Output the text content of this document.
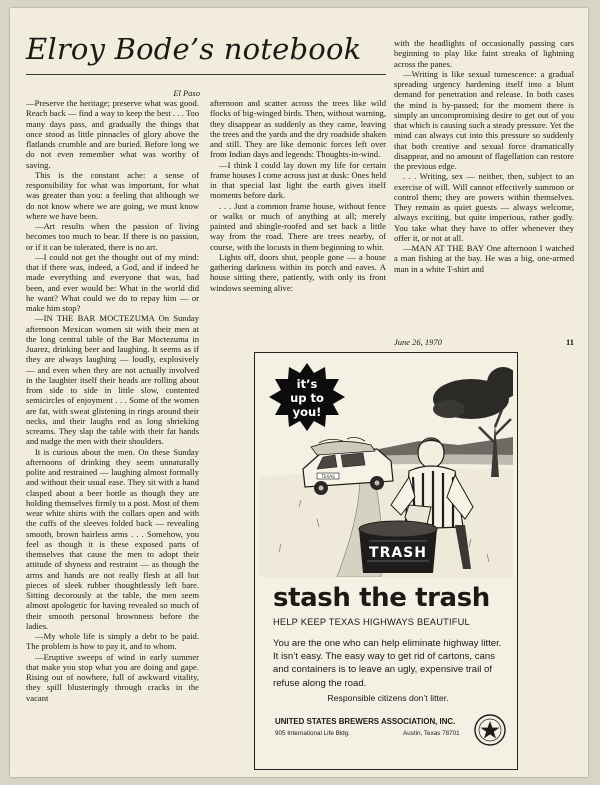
Elroy Bode’s notebook
El Paso

—Preserve the heritage; preserve what was good. Reach back — find a way to keep the best . . . Too many days pass, and gradually the things that once stood as little pinnacles of glory above the flatlands crumble and are buried. Before long we do not even remember what was worthy of saving.

This is the constant ache: a sense of responsibility for what was important, for what was greater than you: a feeling that although we do not know where we are going, we must know where we have been.

—Art results when the passion of living becomes too much to bear. If there is no passion, or if it can be tolerated, there is no art.

—I could not get the thought out of my mind: that if there was, indeed, a God, and if indeed he made everything and everyone that was, had been, and ever would be: What in the world did he want? What could we do to repay him — or make him stop?

—IN THE BAR MOCTEZUMA On Sunday afternoon Mexican women sit with their men at the long central table of the Bar Moctezuma in Juarez, drinking beer and laughing. It seems as if they are always laughing — loudly, explosively — and even when they are not actually involved in the laughter itself their heads are rolling about from side to side in little slow, contented semicircles of enjoyment . . . Some of the women are fat, with sweat glistening in rings around their necks, and their laughs end as long shrieking screams. They slap the table with their fat hands and nudge the men with their shoulders.

It is curious about the men. On these Sunday afternoons of drinking they seem unnaturally polite and restrained — laughing almost formally and without their usual ease. They sit with a hand clasped about a beer bottle as though they are holding themselves firmly to a post. Most of them wear white shirts with the collars open and with the cuffs of the sleeves folded back — revealing smooth, brown hairless arms . . . Somehow, you feel as though it is these exposed parts of themselves that cause the men to adopt their attitude of shyness and restraint — as though the arms and hands are not really flesh at all but pieces of sleek rubber thoughtlessly left bare. Sitting decorously at the table, the men seem almost apologetic for having revealed so much of their smooth personal brownness before the ladies.

—My whole life is simply a debt to be paid. The problem is how to pay it, and to whom.

—Eruptive sweeps of wind in early summer that make you stop what you are doing and gape. Rising out of nowhere, full of awkward vitality, they spill blusteringly through cracks in the vacant

afternoon and scatter across the trees like wild flocks of big-winged birds. Then, without warning, they disappear as suddenly as they came, leaving the trees and the yards and the dry roadside shaken and still. They are like demonic forces left over from Indian days and legends: Thoughts-in-wind.

—I think I could lay down my life for certain frame houses I come across just at dusk: Ones held in that special last light the earth gives itself moments before dark.

. . . Just a common frame house, without fence or walks or much of anything at all; merely painted and shingle-roofed and set back a little way from the road. There are trees nearby, of course, with the locusts in them beginning to whir.

Lights off, doors shut, people gone — a house gathering darkness within its porch and eaves. A house sitting there, patiently, with only its front windows seeming alive:

with the headlights of occasionally passing cars beginning to play like faint streaks of lightning across the panes.

—Writing is like sexual tumescence: a gradual spreading urgency hardening itself into a blunt demand for penetration and release. In both cases the mind is by-passed; for the moment there is simply an uncompromising desire to get out of you that which is causing such a steady pressure. Yet the mind can always cut into this pressure so suddenly that both creative and sexual force dramatically disappear, and no amount of flagellation can restore the previous edge.

. . . Writing, sex — neither, then, subject to an exercise of will. Will cannot effectively summon or control them; they are powers within themselves. They remain as quiet guests — always welcome, always exciting, but quite imperious, rather godly. You take what they have to offer whenever they offer it, or not at all.

—MAN AT THE BAY One afternoon I watched a man fishing at the bay. He was a big, one-armed man in a white T-shirt and

June 26, 1970	11
it’s
up to
you!
TEXAS
TRASH
stash the trash
HELP KEEP TEXAS HIGHWAYS BEAUTIFUL
You are the one who can help eliminate highway litter. It isn’t easy. The easy way to get rid of cartons, cans and containers is to leave an ugly, expensive trail of refuse along the road.
Responsible citizens don’t litter.
UNITED STATES BREWERS ASSOCIATION, INC.
905 International Life Bldg.	Austin, Texas 78701
